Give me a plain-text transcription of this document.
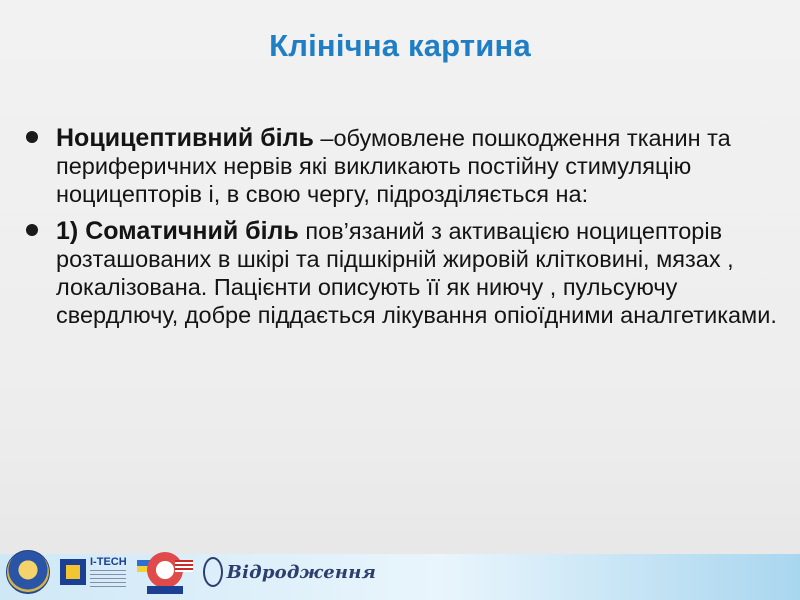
Клінічна картина
Ноцицептивний біль –обумовлене пошкодження тканин та периферичних нервів які викликають постійну стимуляцію ноцицепторів і, в свою чергу, підрозділяється на:
1) Соматичний біль пов’язаний з активацією ноцицепторів розташованих в шкірі та підшкірній жировій клітковині, мязах , локалізована. Пацієнти описують її як ниючу , пульсуючу свердлючу, добре піддається лікування опіоїдними аналгетиками.
I-TECH	Відродження
